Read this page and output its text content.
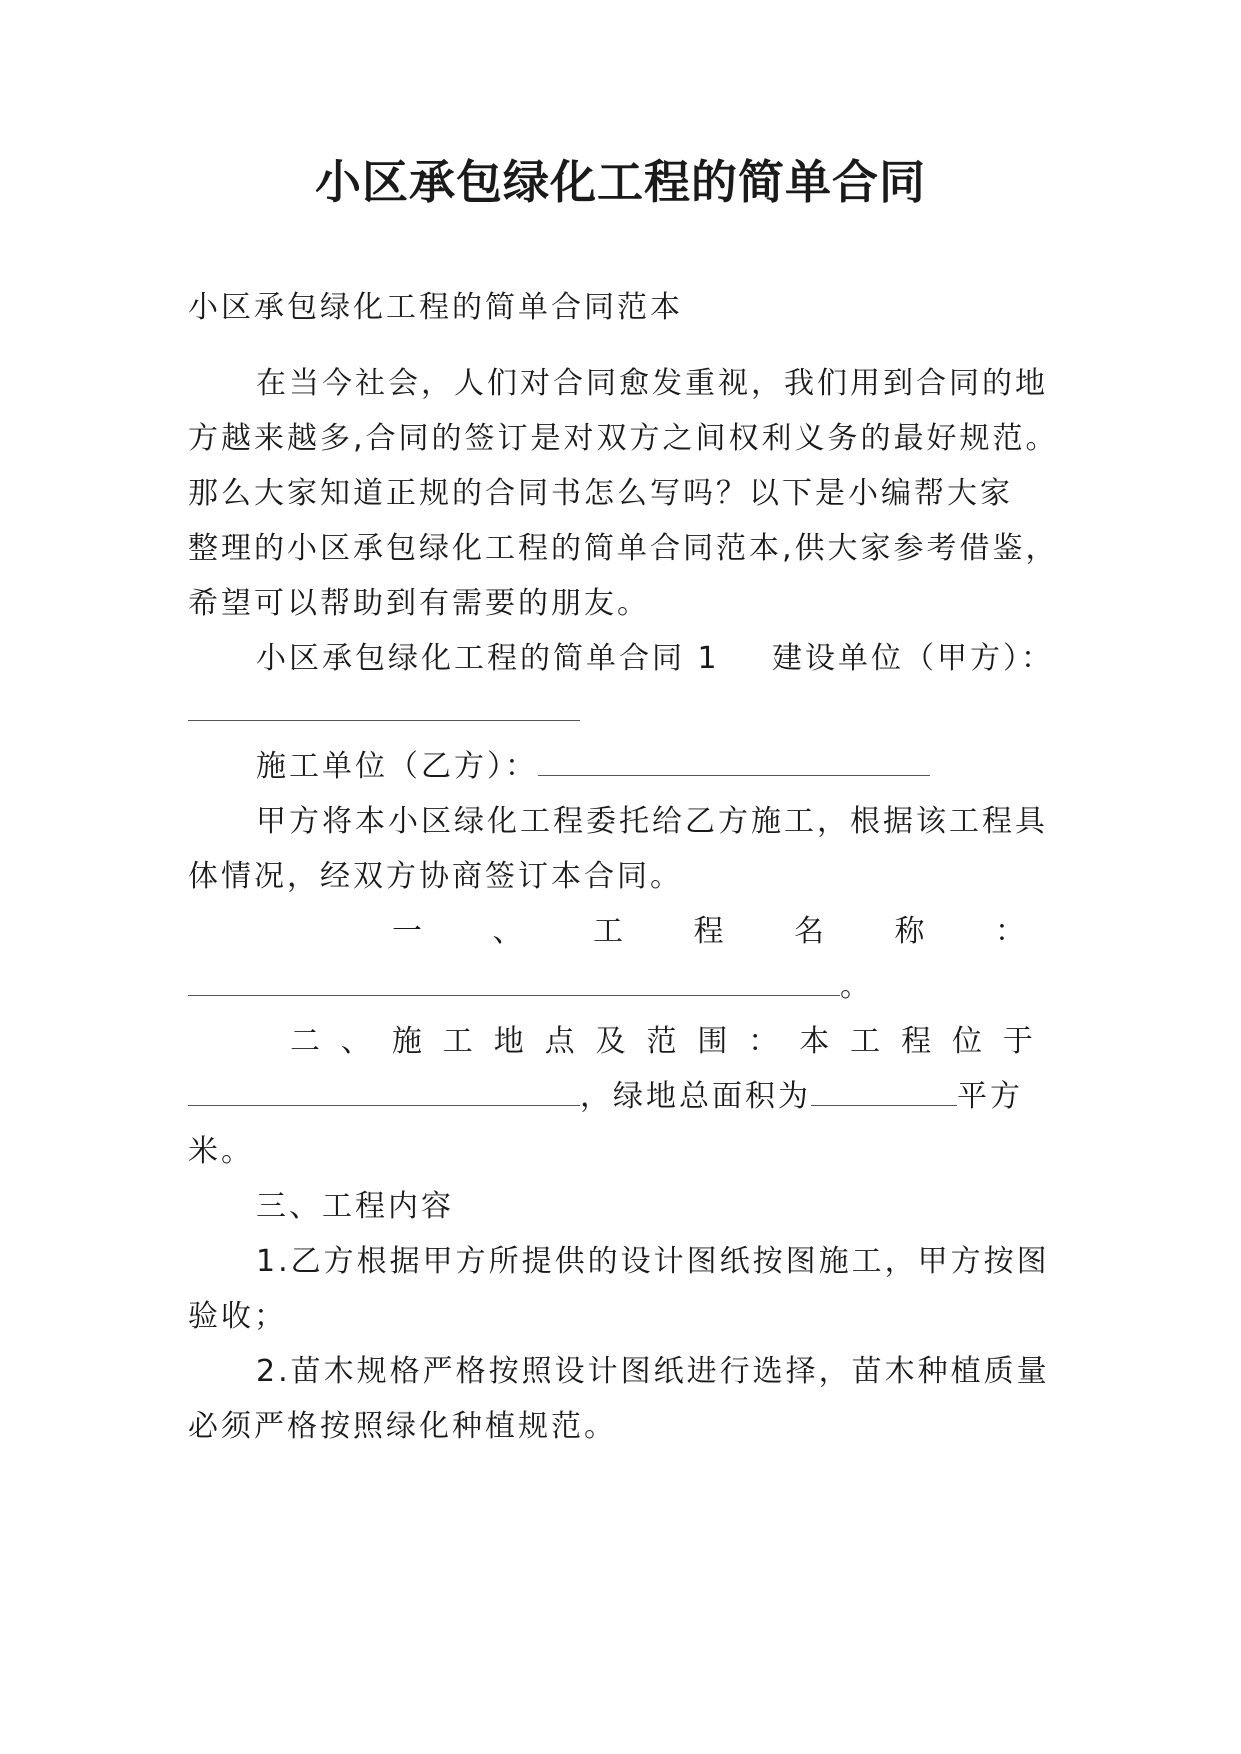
小区承包绿化工程的简单合同
小区承包绿化工程的简单合同范本
在当今社会，人们对合同愈发重视，我们用到合同的地
方越来越多,合同的签订是对双方之间权利义务的最好规范。
那么大家知道正规的合同书怎么写吗？以下是小编帮大家
整理的小区承包绿化工程的简单合同范本,供大家参考借鉴，
希望可以帮助到有需要的朋友。
小区承包绿化工程的简单合同 1 建设单位（甲方）：
施工单位（乙方）：
甲方将本小区绿化工程委托给乙方施工，根据该工程具
体情况，经双方协商签订本合同。
一 、 工 程 名 称 ：
。
二 、 施 工 地 点 及 范 围 ： 本 工 程 位 于
，绿地总面积为	平方
米。
三、工程内容
1.乙方根据甲方所提供的设计图纸按图施工，甲方按图
验收；
2.苗木规格严格按照设计图纸进行选择，苗木种植质量
必须严格按照绿化种植规范。
